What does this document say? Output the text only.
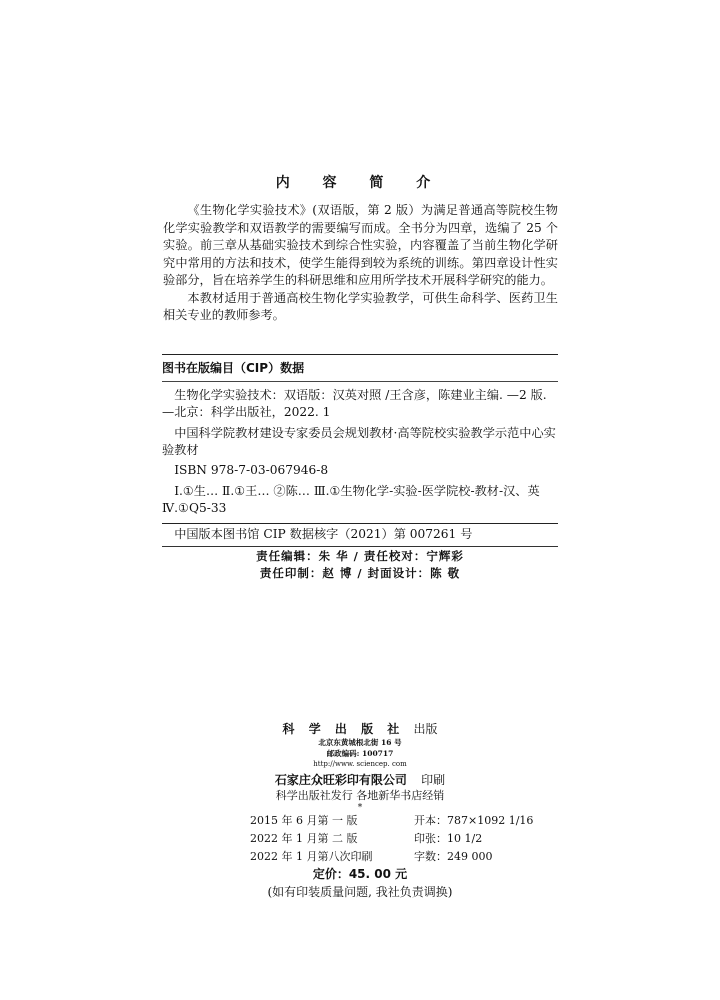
内 容 简 介

《生物化学实验技术》(双语版，第 2 版）为满足普通高等院校生物化学实验教学和双语教学的需要编写而成。全书分为四章，选编了 25 个实验。前三章从基础实验技术到综合性实验，内容覆盖了当前生物化学研究中常用的方法和技术，使学生能得到较为系统的训练。第四章设计性实验部分，旨在培养学生的科研思维和应用所学技术开展科学研究的能力。

本教材适用于普通高校生物化学实验教学，可供生命科学、医药卫生相关专业的教师参考。

图书在版编目（CIP）数据

生物化学实验技术：双语版：汉英对照 /王含彦，陈建业主编. —2 版. —北京：科学出版社，2022. 1

中国科学院教材建设专家委员会规划教材·高等院校实验教学示范中心实验教材

ISBN 978-7-03-067946-8

Ⅰ.①生… Ⅱ.①王… ②陈… Ⅲ.①生物化学-实验-医学院校-教材-汉、英 Ⅳ.①Q5-33

中国版本图书馆 CIP 数据核字（2021）第 007261 号
责任编辑：朱 华 / 责任校对：宁辉彩
责任印制：赵 博 / 封面设计：陈 敬
科 学 出 版 社 出版
北京东黄城根北街 16 号
邮政编码: 100717
http://www. sciencep. com
石家庄众旺彩印有限公司 印刷
科学出版社发行 各地新华书店经销
*
2015 年 6 月第 一 版	开本：787×1092 1/16
2022 年 1 月第 二 版	印张：10 1/2
2022 年 1 月第八次印刷	字数：249 000
定价：45. 00 元
(如有印装质量问题, 我社负责调换)
